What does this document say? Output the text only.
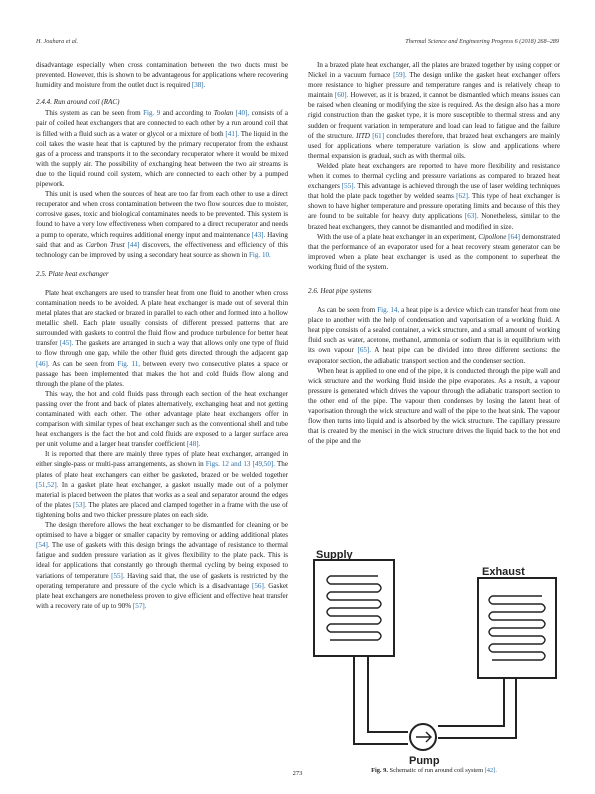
H. Jouhara et al.	Thermal Science and Engineering Progress 6 (2018) 268–289

disadvantage especially when cross contamination between the two ducts must be prevented. However, this is shown to be advantageous for applications where recovering humidity and moisture from the outlet duct is required [38].

2.4.4. Run around coil (RAC)

This system as can be seen from Fig. 9 and according to Toolan [40], consists of a pair of coiled heat exchangers that are connected to each other by a run around coil that is filled with a fluid such as a water or glycol or a mixture of both [41]. The liquid in the coil takes the waste heat that is captured by the primary recuperator from the exhaust gas of a process and transports it to the secondary recuperator where it would be mixed with the supply air. The possibility of exchanging heat between the two air streams is due to the liquid round coil system, which are connected to each other by a pumped pipework.

This unit is used when the sources of heat are too far from each other to use a direct recuperator and when cross contamination between the two flow sources due to moister, corrosive gases, toxic and biological contaminates needs to be prevented. This system is found to have a very low effectiveness when compared to a direct recuperator and needs a pump to operate, which requires additional energy input and maintenance [43]. Having said that and as Carbon Trust [44] discovers, the effectiveness and efficiency of this technology can be improved by using a secondary heat source as shown in Fig. 10.

2.5. Plate heat exchanger

Plate heat exchangers are used to transfer heat from one fluid to another when cross contamination needs to be avoided. A plate heat exchanger is made out of several thin metal plates that are stacked or brazed in parallel to each other and formed into a hollow metallic shell. Each plate usually consists of different pressed patterns that are surrounded with gaskets to control the fluid flow and produce turbulence for better heat transfer [45]. The gaskets are arranged in such a way that allows only one type of fluid to flow through one gap, while the other fluid gets directed through the adjacent gap [46]. As can be seen from Fig. 11, between every two consecutive plates a space or passage has been implemented that makes the hot and cold fluids flow along and through the plane of the plates.

This way, the hot and cold fluids pass through each section of the heat exchanger passing over the front and back of plates alternatively, exchanging heat and not getting contaminated with each other. The other advantage plate heat exchangers offer in comparison with similar types of heat exchanger such as the conventional shell and tube heat exchangers is the fact the hot and cold fluids are exposed to a larger surface area per unit volume and a larger heat transfer coefficient [48].

It is reported that there are mainly three types of plate heat exchanger, arranged in either single-pass or multi-pass arrangements, as shown in Figs. 12 and 13 [49,50]. The plates of plate heat exchangers can either be gasketed, brazed or be welded together [51,52]. In a gasket plate heat exchanger, a gasket usually made out of a polymer material is placed between the plates that works as a seal and separator around the edges of the plates [53]. The plates are placed and clamped together in a frame with the use of tightening bolts and two thicker pressure plates on each side.

The design therefore allows the heat exchanger to be dismantled for cleaning or be optimised to have a bigger or smaller capacity by removing or adding additional plates [54]. The use of gaskets with this design brings the advantage of resistance to thermal fatigue and sudden pressure variation as it gives flexibility to the plate pack. This is ideal for applications that constantly go through thermal cycling by being exposed to variations of temperature [55]. Having said that, the use of gaskets is restricted by the operating temperature and pressure of the cycle which is a disadvantage [56]. Gasket plate heat exchangers are nonetheless proven to give efficient and effective heat transfer with a recovery rate of up to 90% [57].

In a brazed plate heat exchanger, all the plates are brazed together by using copper or Nickel in a vacuum furnace [59]. The design unlike the gasket heat exchanger offers more resistance to higher pressure and temperature ranges and is relatively cheap to maintain [60]. However, as it is brazed, it cannot be dismantled which means issues can be raised when cleaning or modifying the size is required. As the design also has a more rigid construction than the gasket type, it is more susceptible to thermal stress and any sudden or frequent variation in temperature and load can lead to fatigue and the failure of the structure. IITD [61] concludes therefore, that brazed heat exchangers are mainly used for applications where temperature variation is slow and applications where thermal expansion is gradual, such as with thermal oils.

Welded plate heat exchangers are reported to have more flexibility and resistance when it comes to thermal cycling and pressure variations as compared to brazed heat exchangers [55]. This advantage is achieved through the use of laser welding techniques that hold the plate pack together by welded seams [62]. This type of heat exchanger is shown to have higher temperature and pressure operating limits and because of this they are found to be suitable for heavy duty applications [63]. Nonetheless, similar to the brazed heat exchangers, they cannot be dismantled and modified in size.

With the use of a plate heat exchanger in an experiment, Cipollone [64] demonstrated that the performance of an evaporator used for a heat recovery steam generator can be improved when a plate heat exchanger is used as the component to superheat the working fluid of the system.

2.6. Heat pipe systems

As can be seen from Fig. 14, a heat pipe is a device which can transfer heat from one place to another with the help of condensation and vaporisation of a working fluid. A heat pipe consists of a sealed container, a wick structure, and a small amount of working fluid such as water, acetone, methanol, ammonia or sodium that is in equilibrium with its own vapour [65]. A heat pipe can be divided into three different sections: the evaporator section, the adiabatic transport section and the condenser section.

When heat is applied to one end of the pipe, it is conducted through the pipe wall and wick structure and the working fluid inside the pipe evaporates. As a result, a vapour pressure is generated which drives the vapour through the adiabatic transport section to the other end of the pipe. The vapour then condenses by losing the latent heat of vaporisation through the wick structure and wall of the pipe to the heat sink. The vapour flow then turns into liquid and is absorbed by the wick structure. The capillary pressure that is created by the menisci in the wick structure drives the liquid back to the hot end of the pipe and the

Supply
Exhaust
Pump
Fig. 9. Schematic of run around coil system [42].
273
